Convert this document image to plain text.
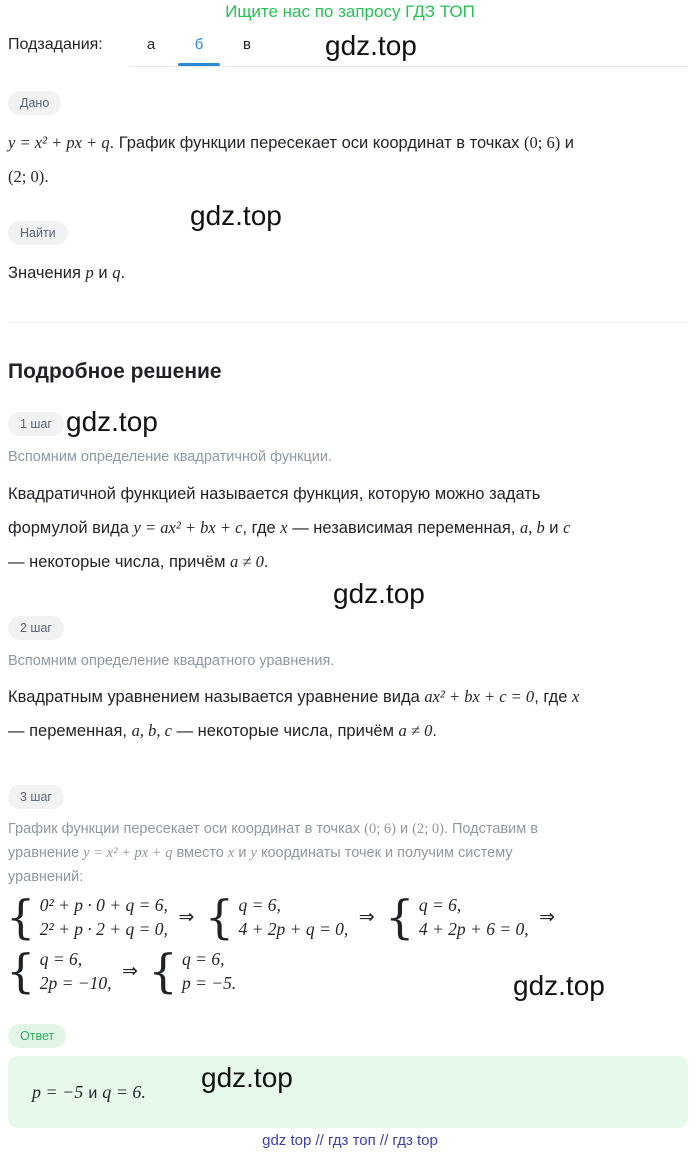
Ищите нас по запросу ГДЗ ТОП
Подзадания:	а	б	в	gdz.top
Дано
y = x² + px + q. График функции пересекает оси координат в точках (0; 6) и
(2; 0).
gdz.top
Найти
Значения p и q.
Подробное решение
1 шаг gdz.top
Вспомним определение квадратичной функции.
Квадратичной функцией называется функция, которую можно задать
формулой вида y = ax² + bx + c, где x — независимая переменная, a, b и c
— некоторые числа, причём a ≠ 0.
gdz.top
2 шаг
Вспомним определение квадратного уравнения.
Квадратным уравнением называется уравнение вида ax² + bx + c = 0, где x
— переменная, a, b, c — некоторые числа, причём a ≠ 0.
3 шаг
График функции пересекает оси координат в точках (0; 6) и (2; 0). Подставим в
уравнение y = x² + px + q вместо x и y координаты точек и получим систему
уравнений:
{ 0² + p · 0 + q = 6,
2² + p · 2 + q = 0, ⇒ { q = 6,
4 + 2p + q = 0, ⇒ { q = 6,
4 + 2p + 6 = 0, ⇒
{ q = 6,
2p = −10, ⇒ { q = 6,
p = −5.	gdz.top
Ответ
gdz.top
p = −5 и q = 6.
gdz top // гдз топ // гдз top
